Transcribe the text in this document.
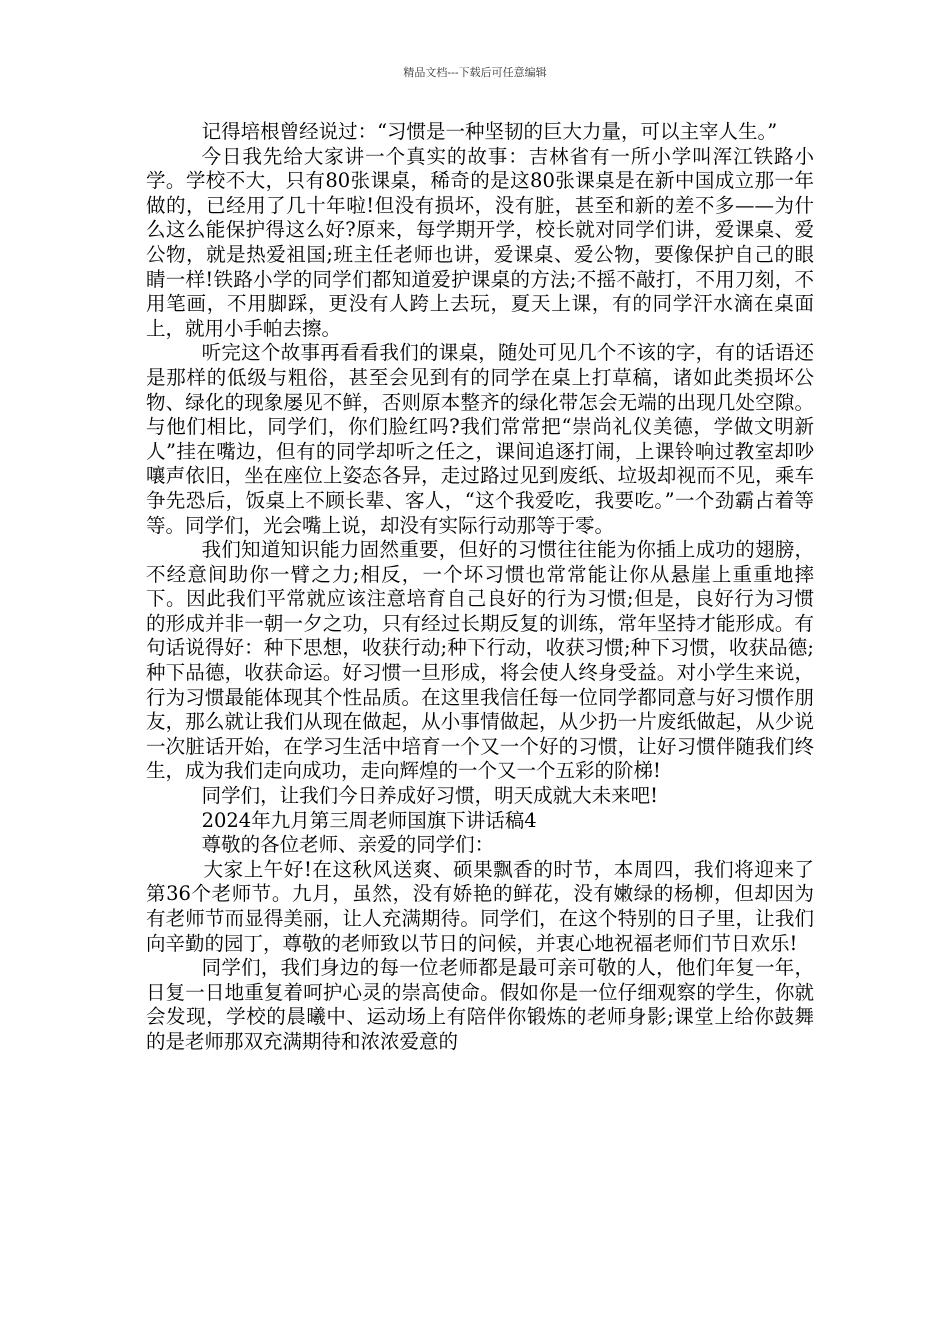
精品文档---下载后可任意编辑

记得培根曾经说过：“习惯是一种坚韧的巨大力量，可以主宰人生。”

今日我先给大家讲一个真实的故事：吉林省有一所小学叫浑江铁路小学。学校不大，只有80张课桌，稀奇的是这80张课桌是在新中国成立那一年做的，已经用了几十年啦!但没有损坏，没有脏，甚至和新的差不多——为什么这么能保护得这么好?原来，每学期开学，校长就对同学们讲，爱课桌、爱公物，就是热爱祖国;班主任老师也讲，爱课桌、爱公物，要像保护自己的眼睛一样!铁路小学的同学们都知道爱护课桌的方法;不摇不敲打，不用刀刻，不用笔画，不用脚踩，更没有人跨上去玩，夏天上课，有的同学汗水滴在桌面上，就用小手帕去擦。

听完这个故事再看看我们的课桌，随处可见几个不该的字，有的话语还是那样的低级与粗俗，甚至会见到有的同学在桌上打草稿，诸如此类损坏公物、绿化的现象屡见不鲜，否则原本整齐的绿化带怎会无端的出现几处空隙。与他们相比，同学们，你们脸红吗?我们常常把“崇尚礼仪美德，学做文明新人”挂在嘴边，但有的同学却听之任之，课间追逐打闹，上课铃响过教室却吵嚷声依旧，坐在座位上姿态各异，走过路过见到废纸、垃圾却视而不见，乘车争先恐后，饭桌上不顾长辈、客人，“这个我爱吃，我要吃。”一个劲霸占着等等。同学们，光会嘴上说，却没有实际行动那等于零。

我们知道知识能力固然重要，但好的习惯往往能为你插上成功的翅膀，不经意间助你一臂之力;相反，一个坏习惯也常常能让你从悬崖上重重地摔下。因此我们平常就应该注意培育自己良好的行为习惯;但是，良好行为习惯的形成并非一朝一夕之功，只有经过长期反复的训练，常年坚持才能形成。有句话说得好：种下思想，收获行动;种下行动，收获习惯;种下习惯，收获品德;种下品德，收获命运。好习惯一旦形成，将会使人终身受益。对小学生来说，行为习惯最能体现其个性品质。在这里我信任每一位同学都同意与好习惯作朋友，那么就让我们从现在做起，从小事情做起，从少扔一片废纸做起，从少说一次脏话开始，在学习生活中培育一个又一个好的习惯，让好习惯伴随我们终生，成为我们走向成功，走向辉煌的一个又一个五彩的阶梯!

同学们，让我们今日养成好习惯，明天成就大未来吧!

2024年九月第三周老师国旗下讲话稿4

尊敬的各位老师、亲爱的同学们：

大家上午好!在这秋风送爽、硕果飘香的时节，本周四，我们将迎来了第36个老师节。九月，虽然，没有娇艳的鲜花，没有嫩绿的杨柳，但却因为有老师节而显得美丽，让人充满期待。同学们，在这个特别的日子里，让我们向辛勤的园丁，尊敬的老师致以节日的问候，并衷心地祝福老师们节日欢乐!

同学们，我们身边的每一位老师都是最可亲可敬的人，他们年复一年，日复一日地重复着呵护心灵的崇高使命。假如你是一位仔细观察的学生，你就会发现，学校的晨曦中、运动场上有陪伴你锻炼的老师身影;课堂上给你鼓舞的是老师那双充满期待和浓浓爱意的
